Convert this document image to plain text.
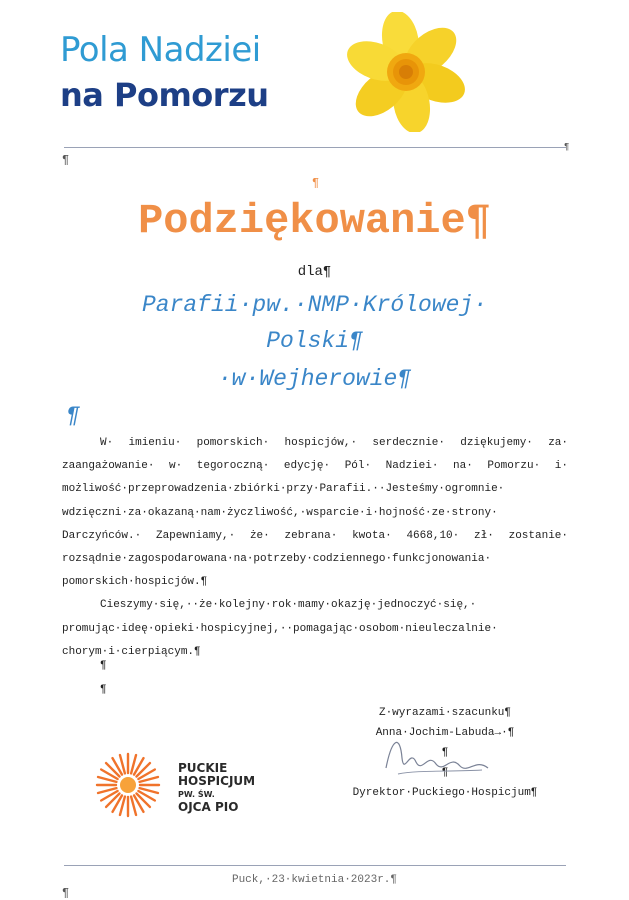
Pola Nadziei
na Pomorzu
¶
¶
¶
Podziękowanie¶
dla¶
Parafii·pw.·NMP·Królowej·
Polski¶
·w·Wejherowie¶
¶

W· imieniu· pomorskich· hospicjów,· serdecznie· dziękujemy· za· zaangażowanie· w· tegoroczną· edycję· Pól· Nadziei· na· Pomorzu· i· możliwość·przeprowadzenia·zbiórki·przy·Parafii.··Jesteśmy·ogromnie· wdzięczni·za·okazaną·nam·życzliwość,·wsparcie·i·hojność·ze·strony· Darczyńców.· Zapewniamy,· że· zebrana· kwota· 4668,10· zł· zostanie· rozsądnie·zagospodarowana·na·potrzeby·codziennego·funkcjonowania· pomorskich·hospicjów.¶

Cieszymy·się,··że·kolejny·rok·mamy·okazję·jednoczyć·się,· promując·ideę·opieki·hospicyjnej,··pomagając·osobom·nieuleczalnie· chorym·i·cierpiącym.¶

¶
¶
Z·wyrazami·szacunku¶
Anna·Jochim-Labuda→·¶
¶
¶
Dyrektor·Puckiego·Hospicjum¶
PUCKIE
HOSPICJUM
PW. ŚW.
OJCA PIO
Puck,·23·kwietnia·2023r.¶
¶
